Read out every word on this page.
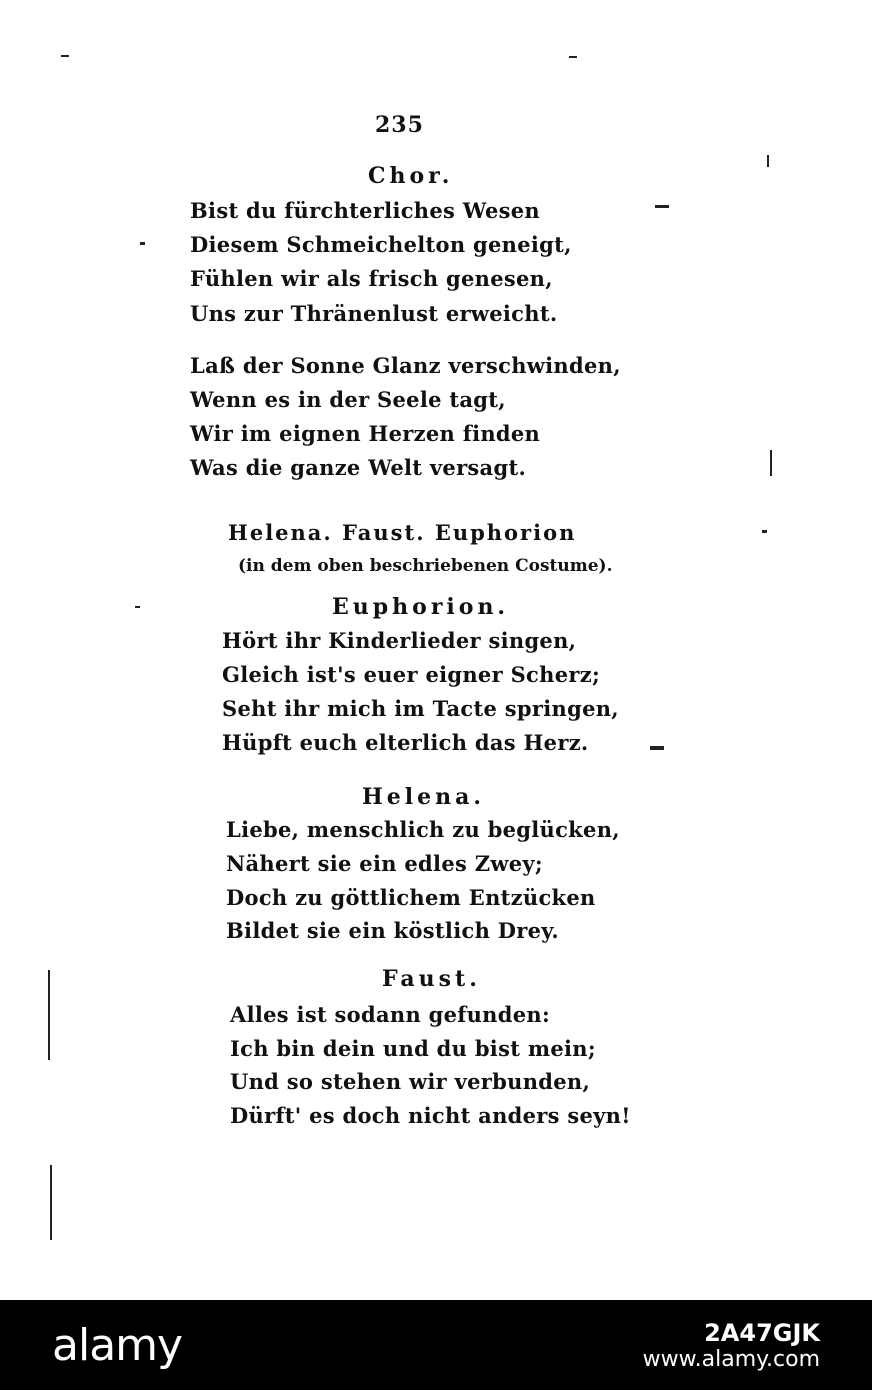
235
Chor.
Bist du fürchterliches Wesen
Diesem Schmeichelton geneigt,
Fühlen wir als frisch genesen,
Uns zur Thränenlust erweicht.
Laß der Sonne Glanz verschwinden,
Wenn es in der Seele tagt,
Wir im eignen Herzen finden
Was die ganze Welt versagt.
Helena. Faust. Euphorion
(in dem oben beschriebenen Costume).
Euphorion.
Hört ihr Kinderlieder singen,
Gleich ist's euer eigner Scherz;
Seht ihr mich im Tacte springen,
Hüpft euch elterlich das Herz.
Helena.
Liebe, menschlich zu beglücken,
Nähert sie ein edles Zwey;
Doch zu göttlichem Entzücken
Bildet sie ein köstlich Drey.
Faust.
Alles ist sodann gefunden:
Ich bin dein und du bist mein;
Und so stehen wir verbunden,
Dürft' es doch nicht anders seyn!
alamy	2A47GJK
www.alamy.com
